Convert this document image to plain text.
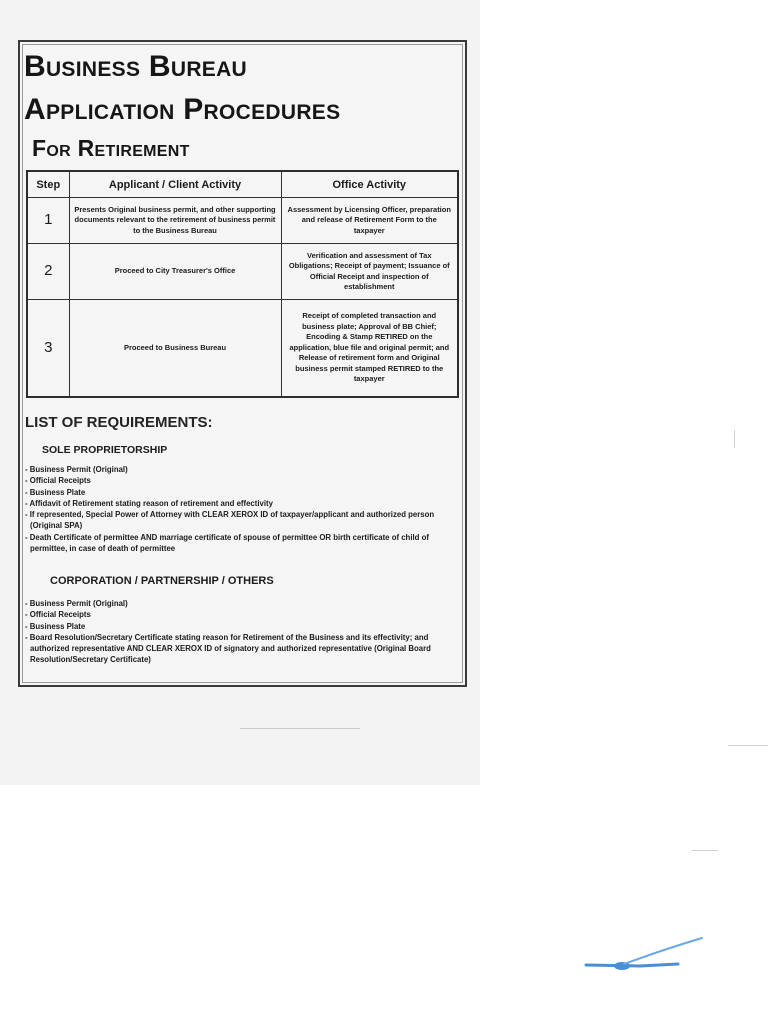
Business Bureau
Application Procedures
For Retirement
Step	Applicant / Client Activity	Office Activity
1	Presents Original business permit, and other supporting documents relevant to the retirement of business permit to the Business Bureau	Assessment by Licensing Officer, preparation and release of Retirement Form to the taxpayer
2	Proceed to City Treasurer's Office	Verification and assessment of Tax Obligations; Receipt of payment; Issuance of Official Receipt and inspection of establishment
3	Proceed to Business Bureau	Receipt of completed transaction and business plate; Approval of BB Chief; Encoding & Stamp RETIRED on the application, blue file and original permit; and Release of retirement form and Original business permit stamped RETIRED to the taxpayer
LIST OF REQUIREMENTS:
SOLE PROPRIETORSHIP
- Business Permit (Original)
- Official Receipts
- Business Plate
- Affidavit of Retirement stating reason of retirement and effectivity
- If represented, Special Power of Attorney with CLEAR XEROX ID of taxpayer/applicant and authorized person (Original SPA)
- Death Certificate of permittee AND marriage certificate of spouse of permittee OR birth certificate of child of permittee, in case of death of permittee
CORPORATION / PARTNERSHIP / OTHERS
- Business Permit (Original)
- Official Receipts
- Business Plate
- Board Resolution/Secretary Certificate stating reason for Retirement of the Business and its effectivity; and authorized representative AND CLEAR XEROX ID of signatory and authorized representative (Original Board Resolution/Secretary Certificate)
